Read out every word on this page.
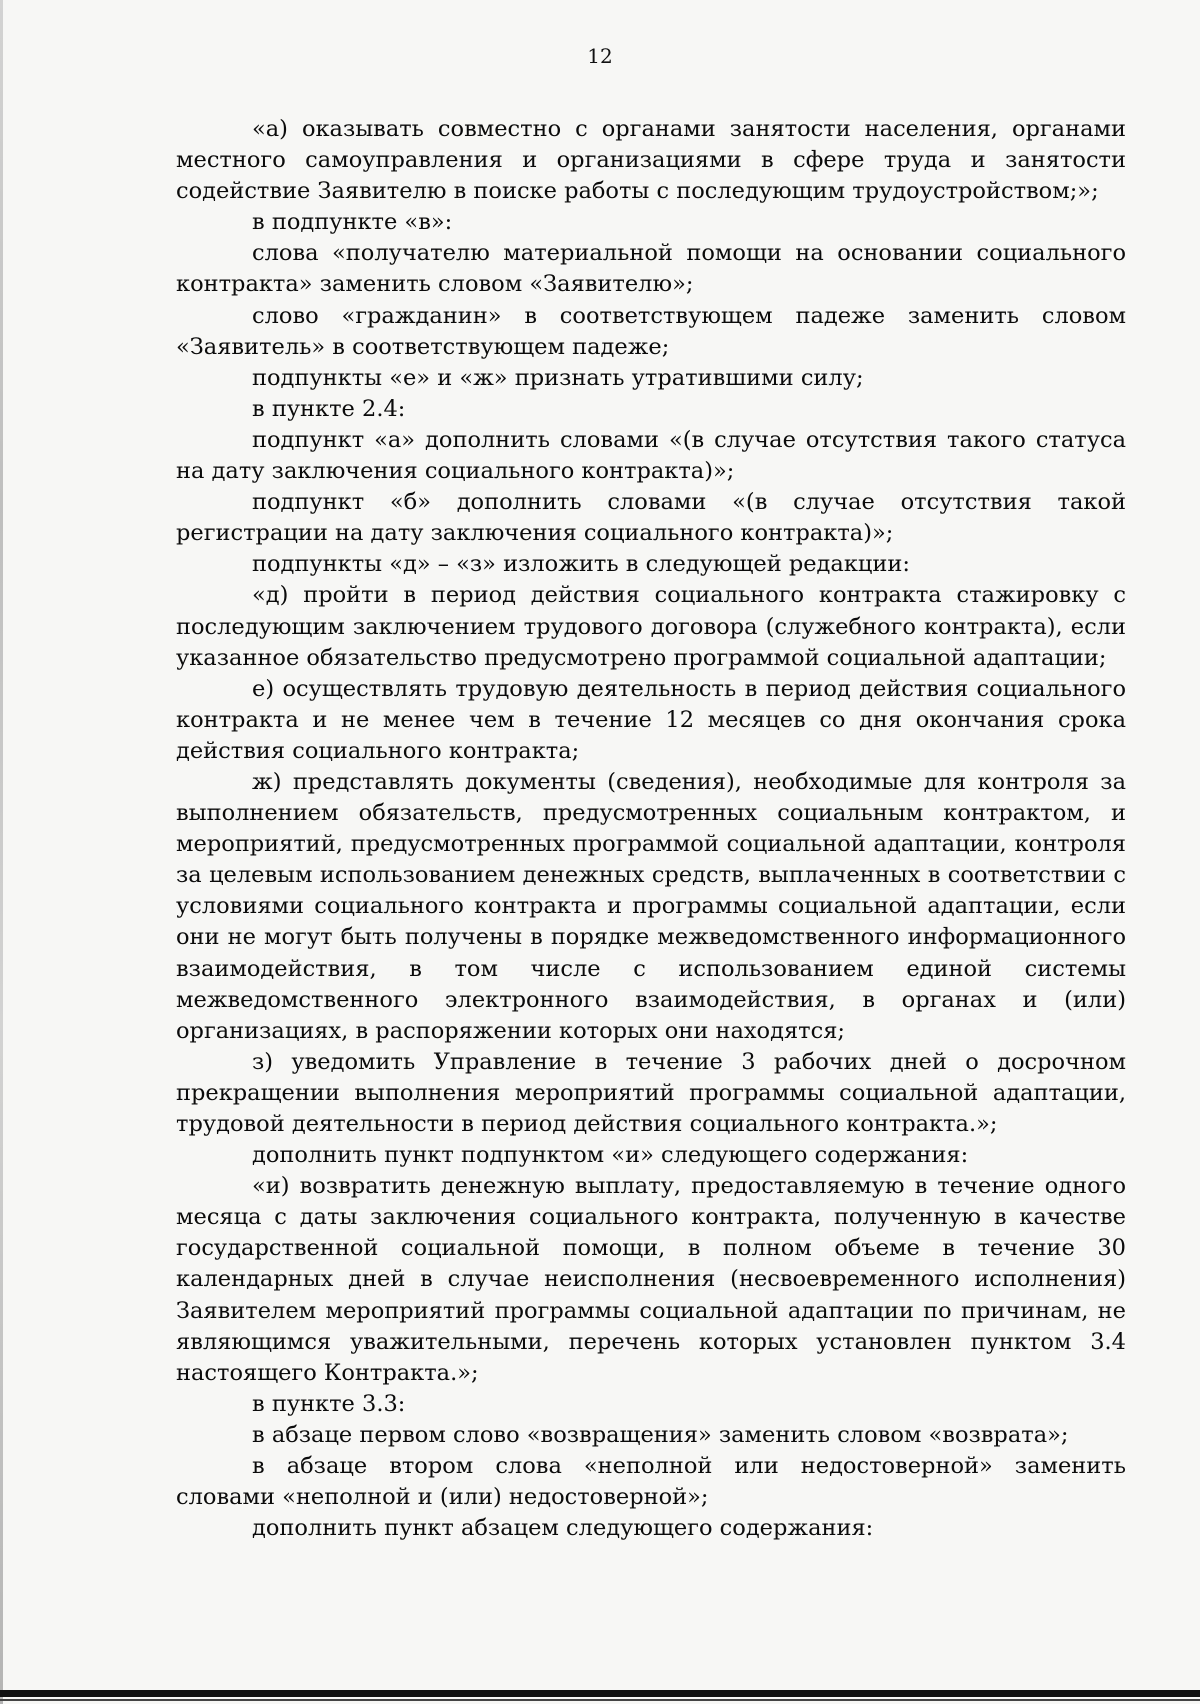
12

«а) оказывать совместно с органами занятости населения, органами местного самоуправления и организациями в сфере труда и занятости содействие Заявителю в поиске работы с последующим трудоустройством;»;

в подпункте «в»:

слова «получателю материальной помощи на основании социального контракта» заменить словом «Заявителю»;

слово «гражданин» в соответствующем падеже заменить словом «Заявитель» в соответствующем падеже;

подпункты «е» и «ж» признать утратившими силу;

в пункте 2.4:

подпункт «а» дополнить словами «(в случае отсутствия такого статуса на дату заключения социального контракта)»;

подпункт «б» дополнить словами «(в случае отсутствия такой регистрации на дату заключения социального контракта)»;

подпункты «д» – «з» изложить в следующей редакции:

«д) пройти в период действия социального контракта стажировку с последующим заключением трудового договора (служебного контракта), если указанное обязательство предусмотрено программой социальной адаптации;

е) осуществлять трудовую деятельность в период действия социального контракта и не менее чем в течение 12 месяцев со дня окончания срока действия социального контракта;

ж) представлять документы (сведения), необходимые для контроля за выполнением обязательств, предусмотренных социальным контрактом, и мероприятий, предусмотренных программой социальной адаптации, контроля за целевым использованием денежных средств, выплаченных в соответствии с условиями социального контракта и программы социальной адаптации, если они не могут быть получены в порядке межведомственного информационного взаимодействия, в том числе с использованием единой системы межведомственного электронного взаимодействия, в органах и (или) организациях, в распоряжении которых они находятся;

з) уведомить Управление в течение 3 рабочих дней о досрочном прекращении выполнения мероприятий программы социальной адаптации, трудовой деятельности в период действия социального контракта.»;

дополнить пункт подпунктом «и» следующего содержания:

«и) возвратить денежную выплату, предоставляемую в течение одного месяца с даты заключения социального контракта, полученную в качестве государственной социальной помощи, в полном объеме в течение 30 календарных дней в случае неисполнения (несвоевременного исполнения) Заявителем мероприятий программы социальной адаптации по причинам, не являющимся уважительными, перечень которых установлен пунктом 3.4 настоящего Контракта.»;

в пункте 3.3:

в абзаце первом слово «возвращения» заменить словом «возврата»;

в абзаце втором слова «неполной или недостоверной» заменить словами «неполной и (или) недостоверной»;

дополнить пункт абзацем следующего содержания:
